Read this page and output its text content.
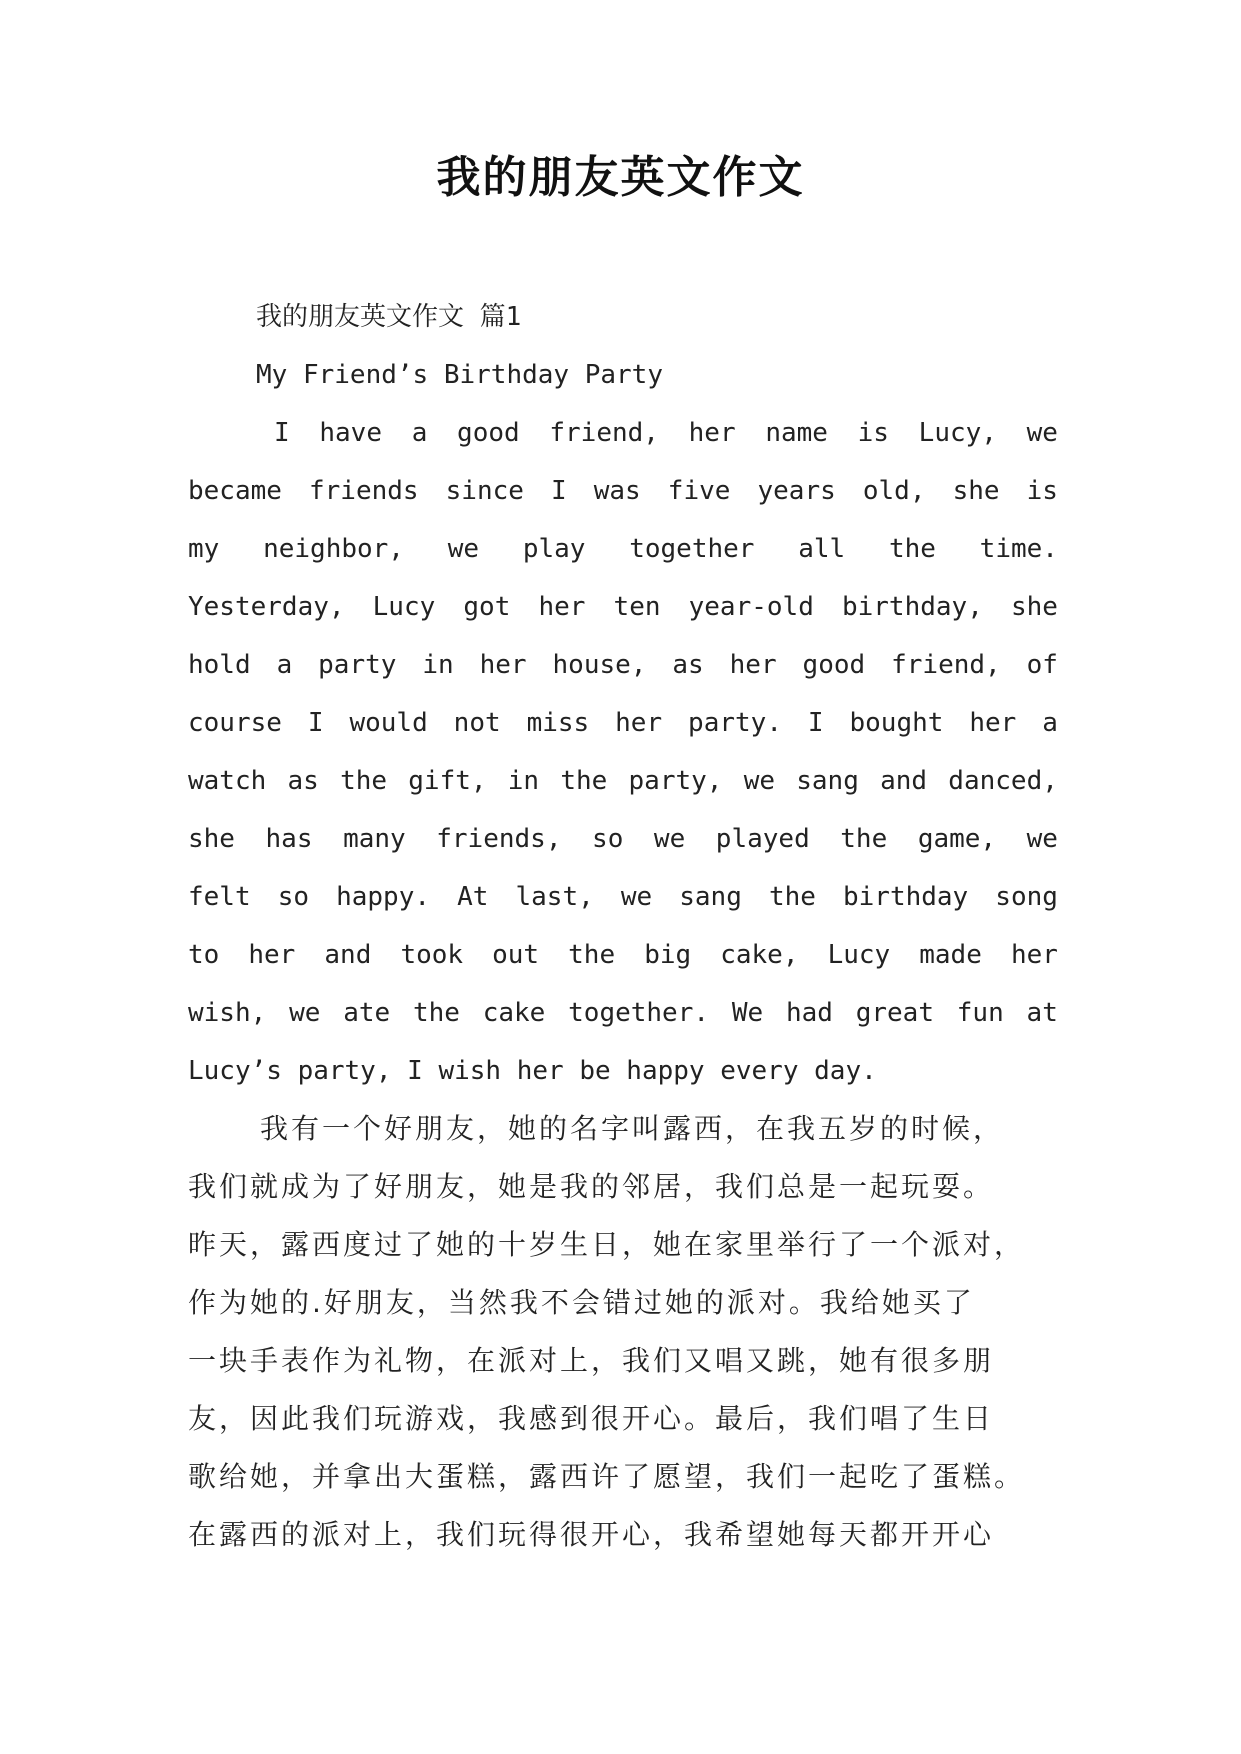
我的朋友英文作文
我的朋友英文作文 篇1
My Friend’s Birthday Party
I have a good friend, her name is Lucy, we
became friends since I was five years old, she is
my neighbor, we play together all the time.
Yesterday, Lucy got her ten year-old birthday, she
hold a party in her house, as her good friend, of
course I would not miss her party. I bought her a
watch as the gift, in the party, we sang and danced,
she has many friends, so we played the game, we
felt so happy. At last, we sang the birthday song
to her and took out the big cake, Lucy made her
wish, we ate the cake together. We had great fun at
Lucy’s party, I wish her be happy every day.
我有一个好朋友，她的名字叫露西，在我五岁的时候，
我们就成为了好朋友，她是我的邻居，我们总是一起玩耍。
昨天，露西度过了她的十岁生日，她在家里举行了一个派对，
作为她的.好朋友，当然我不会错过她的派对。我给她买了
一块手表作为礼物，在派对上，我们又唱又跳，她有很多朋
友，因此我们玩游戏，我感到很开心。最后，我们唱了生日
歌给她，并拿出大蛋糕，露西许了愿望，我们一起吃了蛋糕。
在露西的派对上，我们玩得很开心，我希望她每天都开开心
